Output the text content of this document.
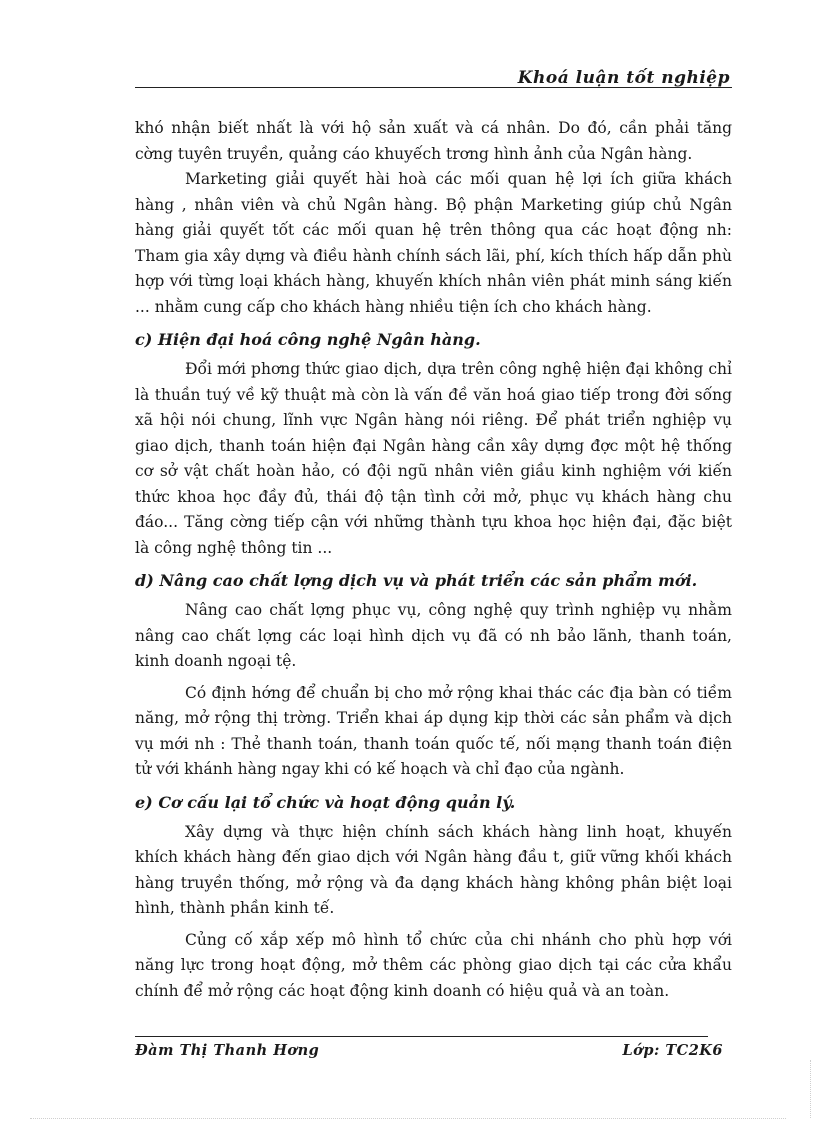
Khoá luận tốt nghiệp

khó nhận biết nhất là với hộ sản xuất và cá nhân. Do đó, cần phải tăng cờng tuyên truyền, quảng cáo khuyếch trơng hình ảnh của Ngân hàng.

Marketing giải quyết hài hoà các mối quan hệ lợi ích giữa khách hàng , nhân viên và chủ Ngân hàng. Bộ phận Marketing giúp chủ Ngân hàng giải quyết tốt các mối quan hệ trên thông qua các hoạt động nh: Tham gia xây dựng và điều hành chính sách lãi, phí, kích thích hấp dẫn phù hợp với từng loại khách hàng, khuyến khích nhân viên phát minh sáng kiến ... nhằm cung cấp cho khách hàng nhiều tiện ích cho khách hàng.

c) Hiện đại hoá công nghệ Ngân hàng.

Đổi mới phơng thức giao dịch, dựa trên công nghệ hiện đại không chỉ là thuần tuý về kỹ thuật mà còn là vấn đề văn hoá giao tiếp trong đời sống xã hội nói chung, lĩnh vực Ngân hàng nói riêng. Để phát triển nghiệp vụ giao dịch, thanh toán hiện đại Ngân hàng cần xây dựng đợc một hệ thống cơ sở vật chất hoàn hảo, có đội ngũ nhân viên giầu kinh nghiệm với kiến thức khoa học đầy đủ, thái độ tận tình cởi mở, phục vụ khách hàng chu đáo... Tăng cờng tiếp cận với những thành tựu khoa học hiện đại, đặc biệt là công nghệ thông tin ...

d) Nâng cao chất lợng dịch vụ và phát triển các sản phẩm mới.

Nâng cao chất lợng phục vụ, công nghệ quy trình nghiệp vụ nhằm nâng cao chất lợng các loại hình dịch vụ đã có nh bảo lãnh, thanh toán, kinh doanh ngoại tệ.

Có định hớng để chuẩn bị cho mở rộng khai thác các địa bàn có tiềm năng, mở rộng thị trờng. Triển khai áp dụng kịp thời các sản phẩm và dịch vụ mới nh : Thẻ thanh toán, thanh toán quốc tế, nối mạng thanh toán điện tử với khánh hàng ngay khi có kế hoạch và chỉ đạo của ngành.

e) Cơ cấu lại tổ chức và hoạt động quản lý.

Xây dựng và thực hiện chính sách khách hàng linh hoạt, khuyến khích khách hàng đến giao dịch với Ngân hàng đầu t, giữ vững khối khách hàng truyền thống, mở rộng và đa dạng khách hàng không phân biệt loại hình, thành phần kinh tế.

Củng cố xắp xếp mô hình tổ chức của chi nhánh cho phù hợp với năng lực trong hoạt động, mở thêm các phòng giao dịch tại các cửa khẩu chính để mở rộng các hoạt động kinh doanh có hiệu quả và an toàn.

Đàm Thị Thanh Hơng	Lớp: TC2K6
